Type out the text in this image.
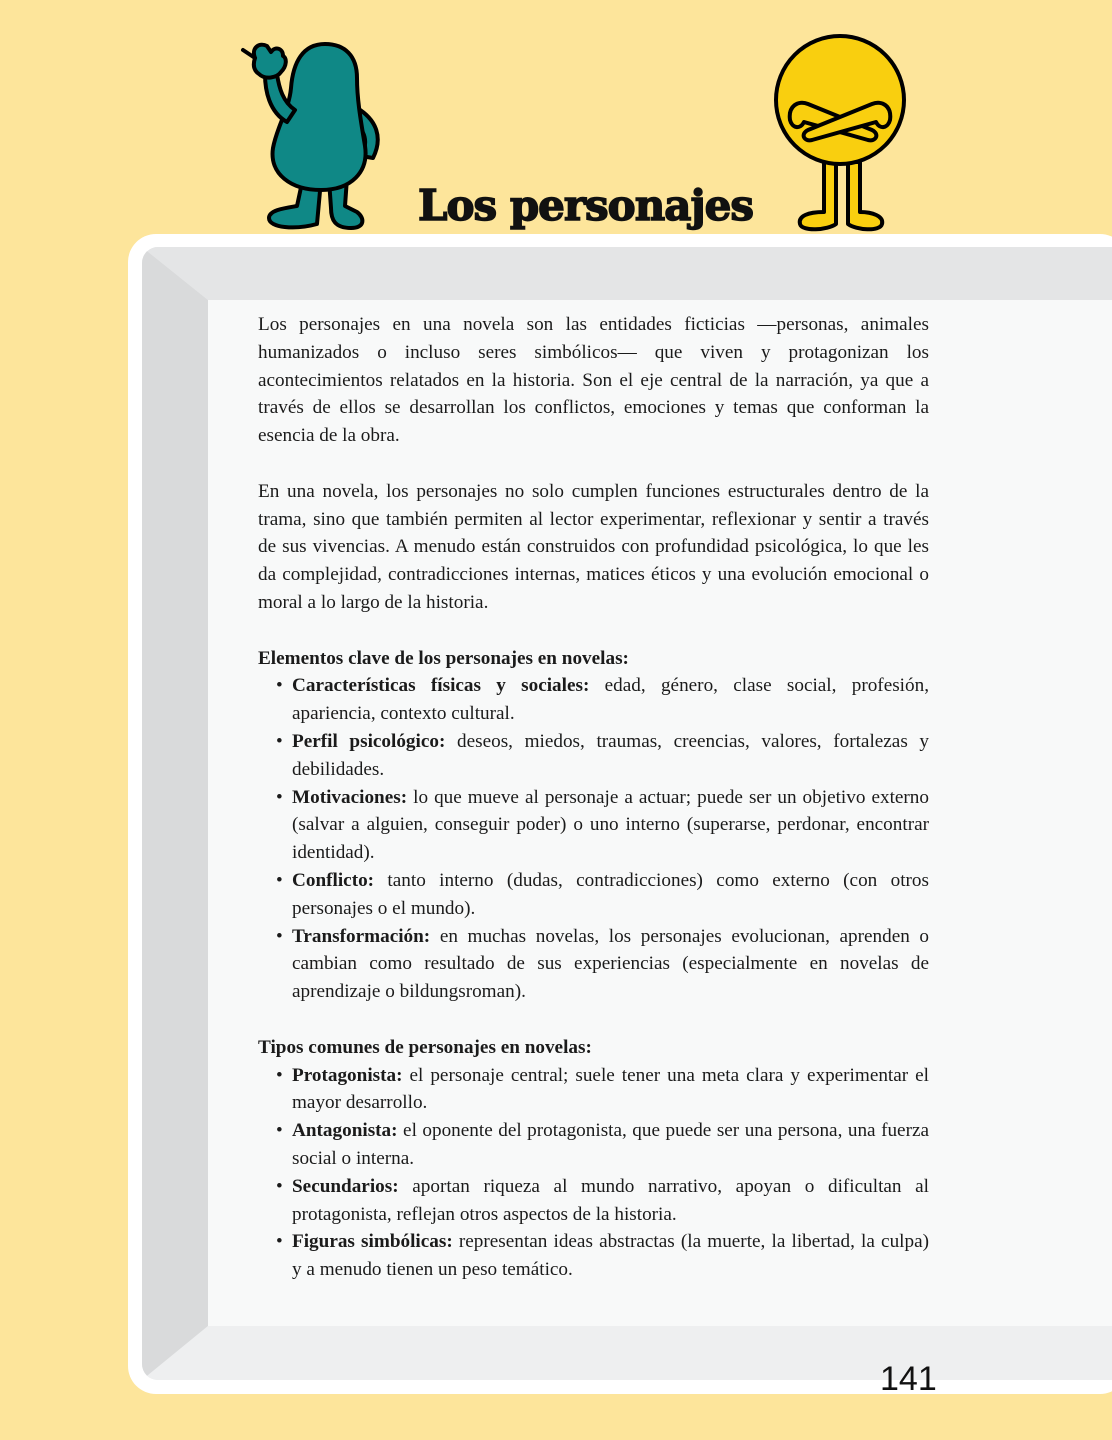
Los personajes

Los personajes en una novela son las entidades ficticias —personas, animales humanizados o incluso seres simbólicos— que viven y protagonizan los acontecimientos relatados en la historia. Son el eje central de la narración, ya que a través de ellos se desarrollan los conflictos, emociones y temas que conforman la esencia de la obra.

En una novela, los personajes no solo cumplen funciones estructurales dentro de la trama, sino que también permiten al lector experimentar, reflexionar y sentir a través de sus vivencias. A menudo están construidos con profundidad psicológica, lo que les da complejidad, contradicciones internas, matices éticos y una evolución emocional o moral a lo largo de la historia.

Elementos clave de los personajes en novelas:
• Características físicas y sociales: edad, género, clase social, profesión, apariencia, contexto cultural.
• Perfil psicológico: deseos, miedos, traumas, creencias, valores, fortalezas y debilidades.
• Motivaciones: lo que mueve al personaje a actuar; puede ser un objetivo externo (salvar a alguien, conseguir poder) o uno interno (superarse, perdonar, encontrar identidad).
• Conflicto: tanto interno (dudas, contradicciones) como externo (con otros personajes o el mundo).
• Transformación: en muchas novelas, los personajes evolucionan, aprenden o cambian como resultado de sus experiencias (especialmente en novelas de aprendizaje o bildungsroman).
Tipos comunes de personajes en novelas:
• Protagonista: el personaje central; suele tener una meta clara y experimentar el mayor desarrollo.
• Antagonista: el oponente del protagonista, que puede ser una persona, una fuerza social o interna.
• Secundarios: aportan riqueza al mundo narrativo, apoyan o dificultan al protagonista, reflejan otros aspectos de la historia.
• Figuras simbólicas: representan ideas abstractas (la muerte, la libertad, la culpa) y a menudo tienen un peso temático.
141
